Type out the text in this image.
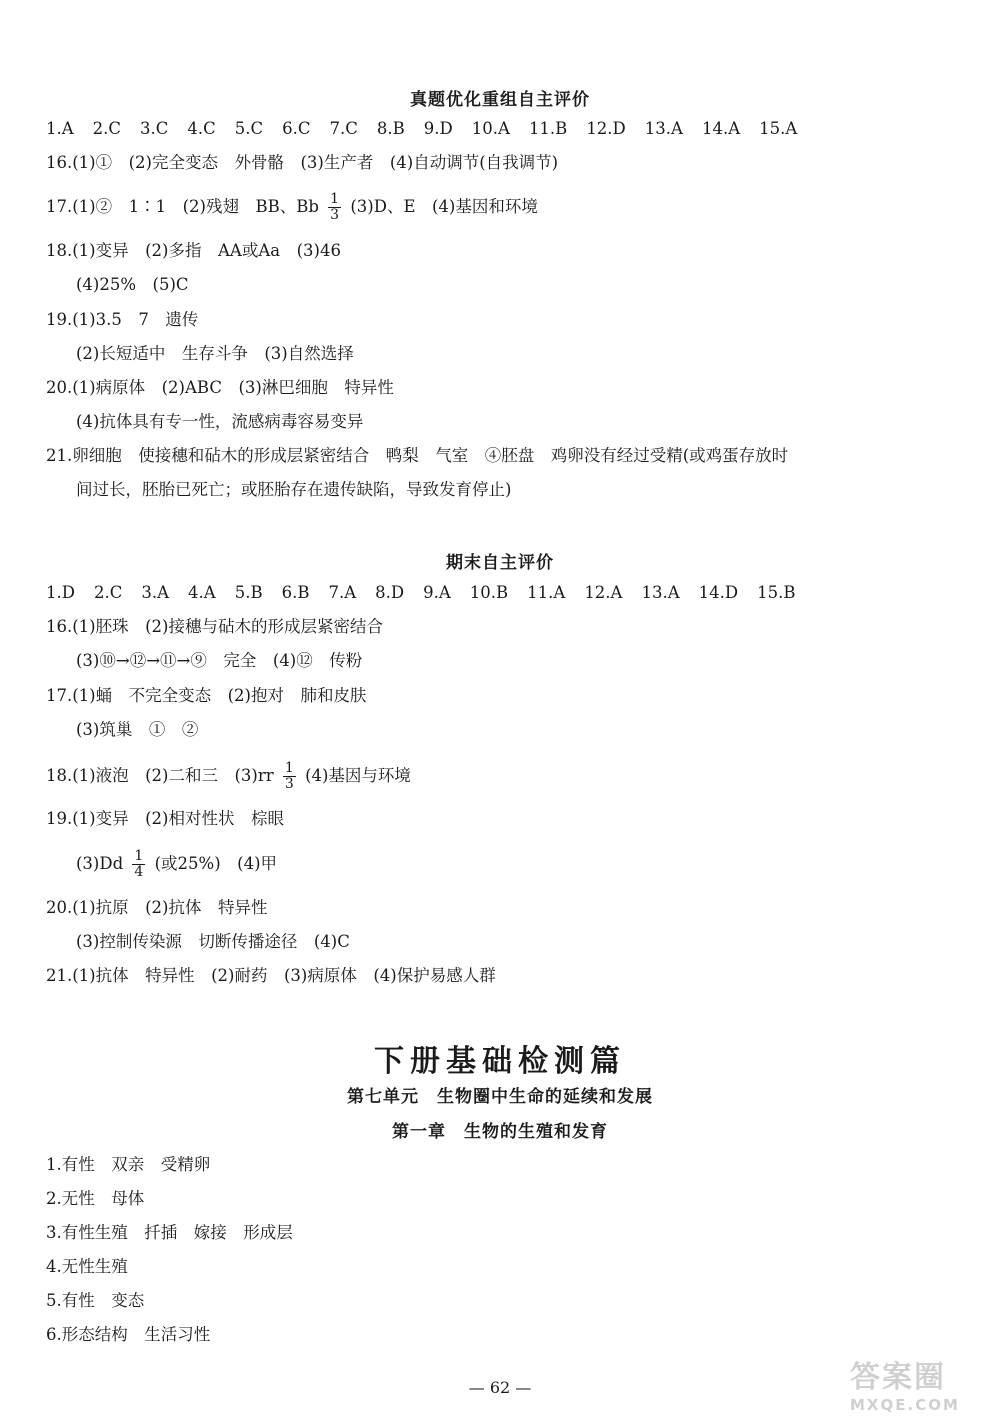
真题优化重组自主评价
1.A 2.C 3.C 4.C 5.C 6.C 7.C 8.B 9.D 10.A 11.B 12.D 13.A 14.A 15.A
16.(1)①　(2)完全变态　外骨骼　(3)生产者　(4)自动调节(自我调节)
17.(1)②　1∶1　(2)残翅　BB、Bb $\frac{1}{3} (3)D$、E　(4)基因和环境
18.(1)变异　(2)多指　AA或Aa　(3)46
(4)25%　(5)C
19.(1)3.5　7　遗传
(2)长短适中　生存斗争　(3)自然选择
20.(1)病原体　(2)ABC　(3)淋巴细胞　特异性
(4)抗体具有专一性，流感病毒容易变异
21.卵细胞　使接穗和砧木的形成层紧密结合　鸭梨　气室　④胚盘　鸡卵没有经过受精(或鸡蛋存放时
间过长，胚胎已死亡；或胚胎存在遗传缺陷，导致发育停止)
期末自主评价
1.D 2.C 3.A 4.A 5.B 6.B 7.A 8.D 9.A 10.B 11.A 12.A 13.A 14.D 15.B
16.(1)胚珠　(2)接穗与砧木的形成层紧密结合
(3)⑩→⑫→⑪→⑨　完全　(4)⑫　传粉
17.(1)蛹　不完全变态　(2)抱对　肺和皮肤
(3)筑巢　①　②
18.(1)液泡　(2)二和三　$(3)rr \frac{1}{3} (4)$基因与环境
19.(1)变异　(2)相对性状　棕眼
$(3)Dd \frac{1}{4}$ (或25%)　(4)甲
20.(1)抗原　(2)抗体　特异性
(3)控制传染源　切断传播途径　(4)C
21.(1)抗体　特异性　(2)耐药　(3)病原体　(4)保护易感人群
下册基础检测篇
第七单元　生物圈中生命的延续和发展
第一章　生物的生殖和发育
1.有性　双亲　受精卵
2.无性　母体
3.有性生殖　扦插　嫁接　形成层
4.无性生殖
5.有性　变态
6.形态结构　生活习性
— 62 —	答案圈
MXQE.COM
